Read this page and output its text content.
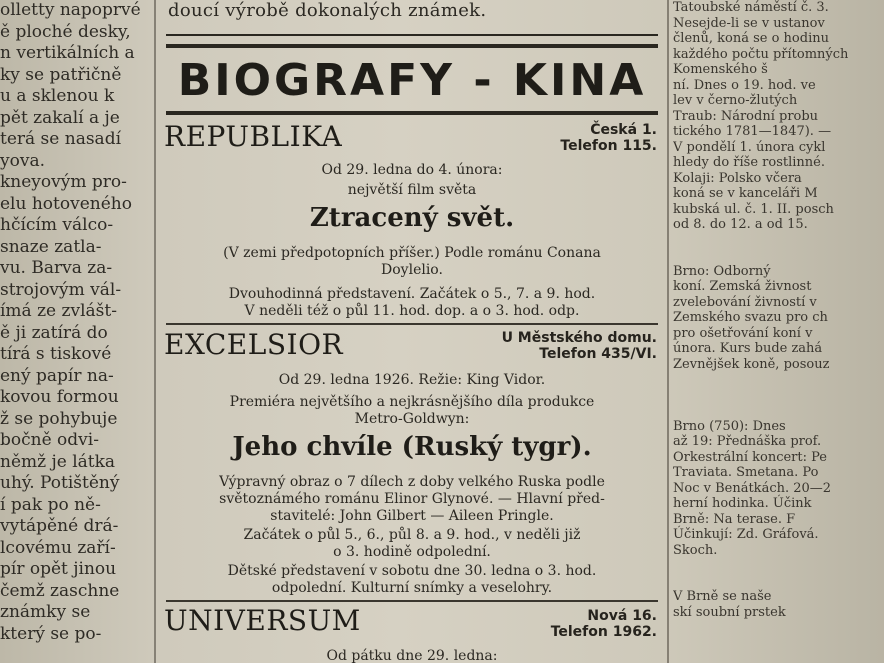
olletty napoprvé
ě ploché desky,
n vertikálních a
ky se patřičně
u a sklenou k
pět zakalí a je
terá se nasadí
yova.
kneyovým pro-
elu hotoveného
hčícím válco-
snaze zatla-
vu. Barva za-
strojovým vál-
ímá ze zvlášt-
ě ji zatírá do
tírá s tiskové
ený papír na-
kovou formou
ž se pohybuje
bočně odvi-
němž je látka
uhý. Potištěný
í pak po ně-
vytápěné drá-
lcovému zaří-
pír opět jinou
čemž zaschne
známky se
který se po-
doucí výrobě dokonalých známek.
BIOGRAFY - KINA
REPUBLIKA	Česká 1.
Telefon 115.
Od 29. ledna do 4. února:
největší film světa
Ztracený svět.
(V zemi předpotopních příšer.) Podle románu Conana
Doylelio.
Dvouhodinná představení. Začátek o 5., 7. a 9. hod.
V neděli též o půl 11. hod. dop. a o 3. hod. odp.
EXCELSIOR	U Městského domu.
Telefon 435/VI.
Od 29. ledna 1926. Režie: King Vidor.
Premiéra největšího a nejkrásnějšího díla produkce
Metro-Goldwyn:
Jeho chvíle (Ruský tygr).
Výpravný obraz o 7 dílech z doby velkého Ruska podle
světoznámého románu Elinor Glynové. — Hlavní před-
stavitelé: John Gilbert — Aileen Pringle.
Začátek o půl 5., 6., půl 8. a 9. hod., v neděli již
o 3. hodině odpolední.
Dětské představení v sobotu dne 30. ledna o 3. hod.
odpolední. Kulturní snímky a veselohry.
UNIVERSUM	Nová 16.
Telefon 1962.
Od pátku dne 29. ledna:
Tatoubské náměstí č. 3.
Nesejde-li se v ustanov
členů, koná se o hodinu
každého počtu přítomných
Komenského š
ní. Dnes o 19. hod. ve
lev v černo-žlutých
Traub: Národní probu
tického 1781—1847). —
V pondělí 1. února cykl
hledy do říše rostlinné.
Kolaji: Polsko včera
koná se v kanceláři M
kubská ul. č. 1. II. posch
od 8. do 12. a od 15.
Brno: Odborný
koní. Zemská živnost
zvelebování živností v
Zemského svazu pro ch
pro ošetřování koní v
února. Kurs bude zahá
Zevnějšek koně, posouz
Brno (750): Dnes
až 19: Přednáška prof.
Orkestrální koncert: Pe
Traviata. Smetana. Po
Noc v Benátkách. 20—2
herní hodinka. Účink
Brně: Na terase. F
Účinkují: Zd. Gráfová.
Skoch.
V Brně se naše
skí soubní prstek
